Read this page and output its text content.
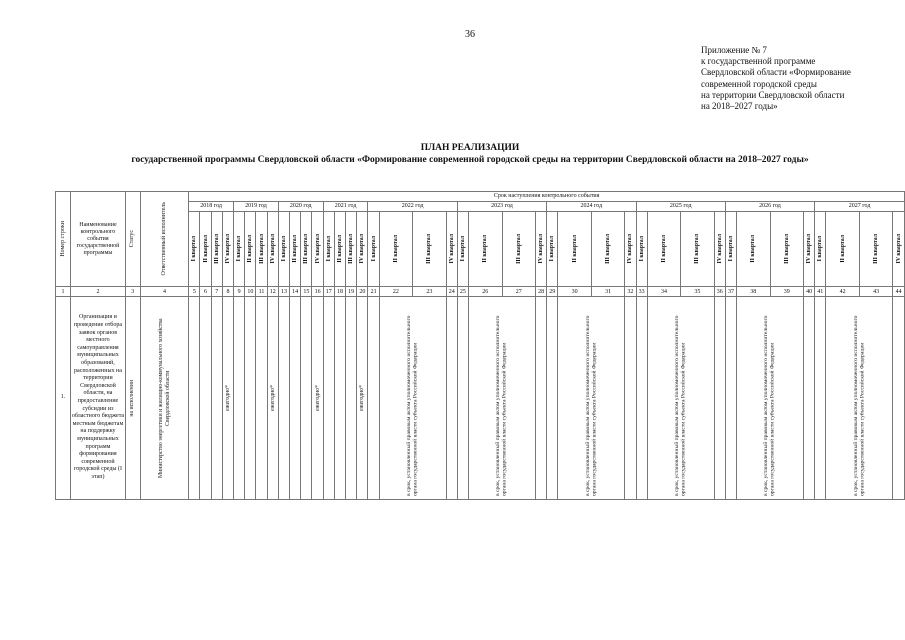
36
Приложение № 7
к государственной программе
Свердловской области «Формирование
современной городской среды
на территории Свердловской области
на 2018–2027 годы»
ПЛАН РЕАЛИЗАЦИИ
государственной программы Свердловской области «Формирование современной городской среды на территории Свердловской области на 2018–2027 годы»
Номер строки	Наименование контрольного события государственной программы	Статус	Ответственный исполнитель	Срок наступления контрольного события																																							
				2018 год				2019 год				2020 год				2021 год				2022 год				2023 год				2024 год				2025 год				2026 год				2027 год			

				I квартал	II квартал	III квартал	IV квартал	I квартал	II квартал	III квартал	IV квартал	I квартал	II квартал	III квартал	IV квартал	I квартал	II квартал	III квартал	IV квартал	I квартал	II квартал	III квартал	IV квартал	I квартал	II квартал	III квартал	IV квартал	I квартал	II квартал	III квартал	IV квартал	I квартал	II квартал	III квартал	IV квартал	I квартал	II квартал	III квартал	IV квартал	I квартал	II квартал	III квартал	IV квартал

1	2	3	4	5	6	7	8	9	10	11	12	13	14	15	16	17	18	19	20	21	22	23	24	25	26	27	28	29	30	31	32	33	34	35	36	37	38	39	40	41	42	43	44
1.	Организация и проведение отбора заявок органов местного самоуправления муниципальных образований, расположенных на территории Свердловской области, на предоставление субсидии из областного бюджета местным бюджетам на поддержку муниципальных программ формирования современной городской среды (I этап)	на исполнении	Министерство энергетики и жилищно-коммунального хозяйства Свердловской области				ежегодно*				ежегодно*				ежегодно*				ежегодно*		в срок, установленный правовым актом уполномоченного исполнительного органа государственной власти субъекта Российской Федерации				в срок, установленный правовым актом уполномоченного исполнительного органа государственной власти субъекта Российской Федерации				в срок, установленный правовым актом уполномоченного исполнительного органа государственной власти субъекта Российской Федерации				в срок, установленный правовым актом уполномоченного исполнительного органа государственной власти субъекта Российской Федерации				в срок, установленный правовым актом уполномоченного исполнительного органа государственной власти субъекта Российской Федерации				в срок, установленный правовым актом уполномоченного исполнительного органа государственной власти субъекта Российской Федерации		
